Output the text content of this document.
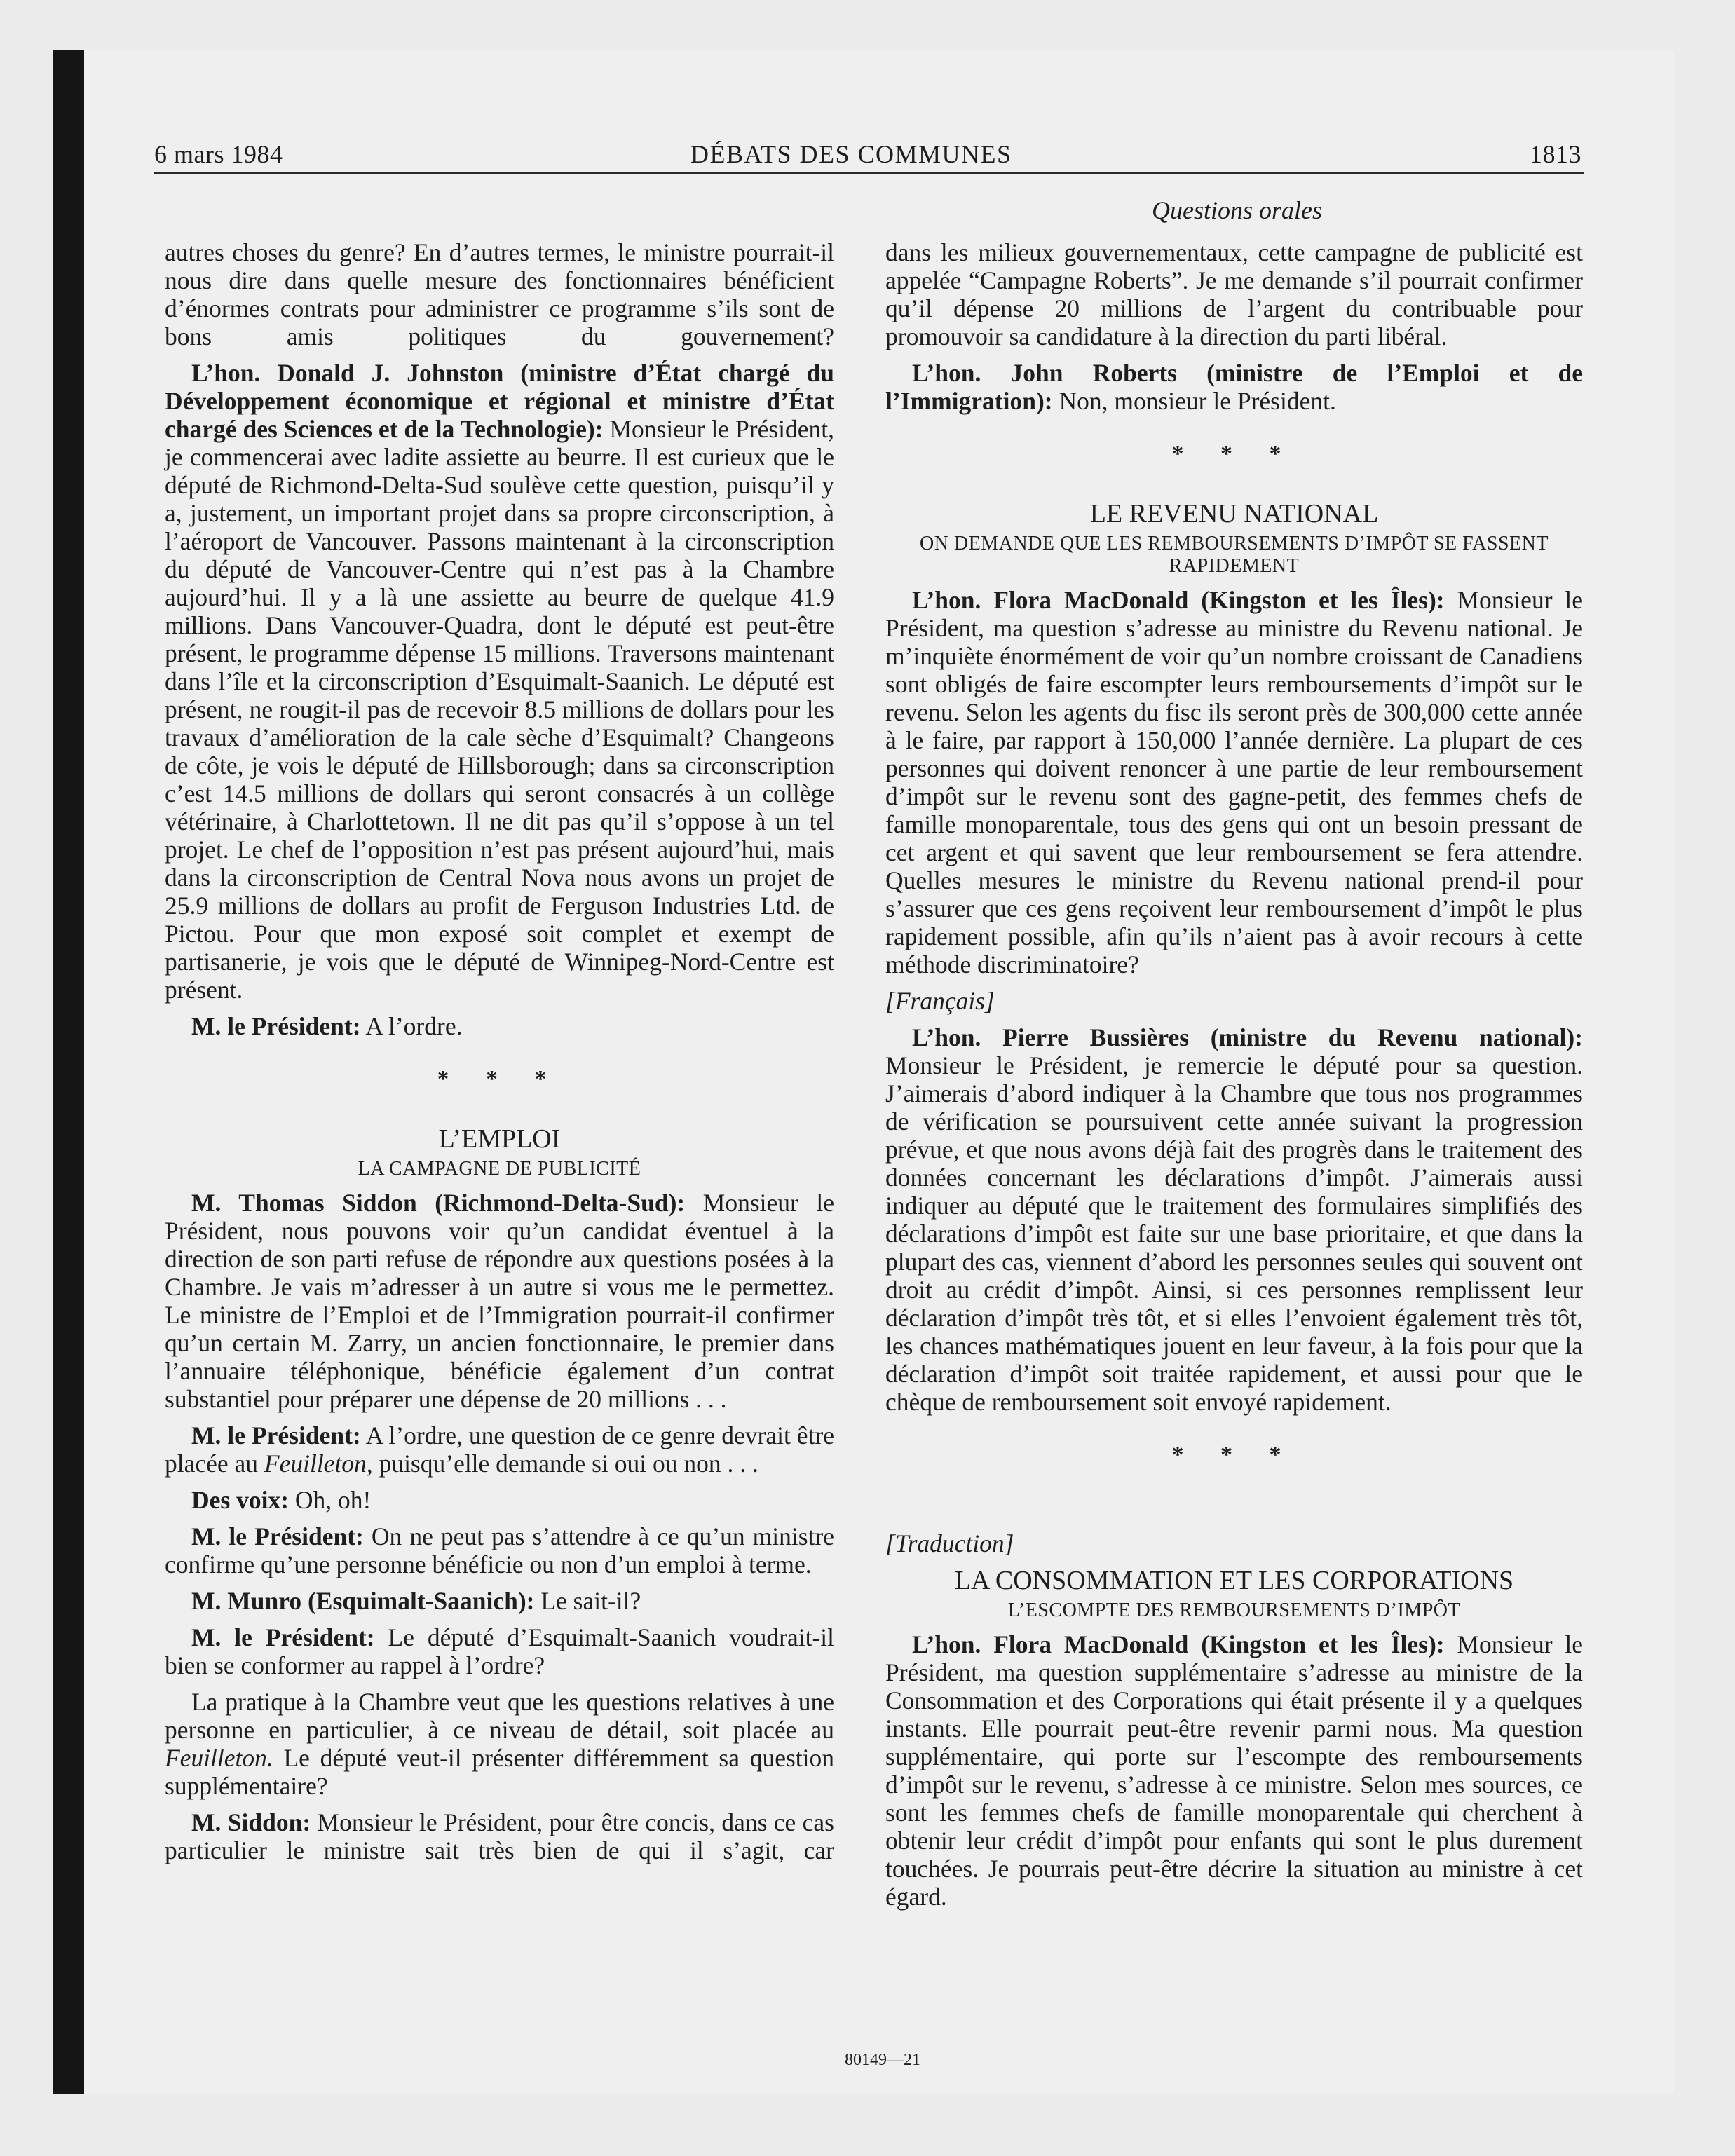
6 mars 1984	DÉBATS DES COMMUNES	1813
Questions orales

autres choses du genre? En d’autres termes, le ministre pourrait-il nous dire dans quelle mesure des fonctionnaires bénéficient d’énormes contrats pour administrer ce programme s’ils sont de bons amis politiques du gouvernement?

L’hon. Donald J. Johnston (ministre d’État chargé du Développement économique et régional et ministre d’État chargé des Sciences et de la Technologie): Monsieur le Président, je commencerai avec ladite assiette au beurre. Il est curieux que le député de Richmond-Delta-Sud soulève cette question, puisqu’il y a, justement, un important projet dans sa propre circonscription, à l’aéroport de Vancouver. Passons maintenant à la circonscription du député de Vancouver-Centre qui n’est pas à la Chambre aujourd’hui. Il y a là une assiette au beurre de quelque 41.9 millions. Dans Vancouver-Quadra, dont le député est peut-être présent, le programme dépense 15 millions. Traversons maintenant dans l’île et la circonscription d’Esquimalt-Saanich. Le député est présent, ne rougit-il pas de recevoir 8.5 millions de dollars pour les travaux d’amélioration de la cale sèche d’Esquimalt? Changeons de côte, je vois le député de Hillsborough; dans sa circonscription c’est 14.5 millions de dollars qui seront consacrés à un collège vétérinaire, à Charlottetown. Il ne dit pas qu’il s’oppose à un tel projet. Le chef de l’opposition n’est pas présent aujourd’hui, mais dans la circonscription de Central Nova nous avons un projet de 25.9 millions de dollars au profit de Ferguson Industries Ltd. de Pictou. Pour que mon exposé soit complet et exempt de partisanerie, je vois que le député de Winnipeg-Nord-Centre est présent.

M. le Président: A l’ordre.

* * *
L’EMPLOI
LA CAMPAGNE DE PUBLICITÉ

M. Thomas Siddon (Richmond-Delta-Sud): Monsieur le Président, nous pouvons voir qu’un candidat éventuel à la direction de son parti refuse de répondre aux questions posées à la Chambre. Je vais m’adresser à un autre si vous me le permettez. Le ministre de l’Emploi et de l’Immigration pourrait-il confirmer qu’un certain M. Zarry, un ancien fonctionnaire, le premier dans l’annuaire téléphonique, bénéficie également d’un contrat substantiel pour préparer une dépense de 20 millions . . .

M. le Président: A l’ordre, une question de ce genre devrait être placée au Feuilleton, puisqu’elle demande si oui ou non . . .

Des voix: Oh, oh!

M. le Président: On ne peut pas s’attendre à ce qu’un ministre confirme qu’une personne bénéficie ou non d’un emploi à terme.

M. Munro (Esquimalt-Saanich): Le sait-il?

M. le Président: Le député d’Esquimalt-Saanich voudrait-il bien se conformer au rappel à l’ordre?

La pratique à la Chambre veut que les questions relatives à une personne en particulier, à ce niveau de détail, soit placée au Feuilleton. Le député veut-il présenter différemment sa question supplémentaire?

M. Siddon: Monsieur le Président, pour être concis, dans ce cas particulier le ministre sait très bien de qui il s’agit, car

dans les milieux gouvernementaux, cette campagne de publicité est appelée “Campagne Roberts”. Je me demande s’il pourrait confirmer qu’il dépense 20 millions de l’argent du contribuable pour promouvoir sa candidature à la direction du parti libéral.

L’hon. John Roberts (ministre de l’Emploi et de l’Immigration): Non, monsieur le Président.

* * *
LE REVENU NATIONAL
ON DEMANDE QUE LES REMBOURSEMENTS D’IMPÔT SE FASSENT RAPIDEMENT

L’hon. Flora MacDonald (Kingston et les Îles): Monsieur le Président, ma question s’adresse au ministre du Revenu national. Je m’inquiète énormément de voir qu’un nombre croissant de Canadiens sont obligés de faire escompter leurs remboursements d’impôt sur le revenu. Selon les agents du fisc ils seront près de 300,000 cette année à le faire, par rapport à 150,000 l’année dernière. La plupart de ces personnes qui doivent renoncer à une partie de leur remboursement d’impôt sur le revenu sont des gagne-petit, des femmes chefs de famille monoparentale, tous des gens qui ont un besoin pressant de cet argent et qui savent que leur remboursement se fera attendre. Quelles mesures le ministre du Revenu national prend-il pour s’assurer que ces gens reçoivent leur remboursement d’impôt le plus rapidement possible, afin qu’ils n’aient pas à avoir recours à cette méthode discriminatoire?

[Français]

L’hon. Pierre Bussières (ministre du Revenu national): Monsieur le Président, je remercie le député pour sa question. J’aimerais d’abord indiquer à la Chambre que tous nos programmes de vérification se poursuivent cette année suivant la progression prévue, et que nous avons déjà fait des progrès dans le traitement des données concernant les déclarations d’impôt. J’aimerais aussi indiquer au député que le traitement des formulaires simplifiés des déclarations d’impôt est faite sur une base prioritaire, et que dans la plupart des cas, viennent d’abord les personnes seules qui souvent ont droit au crédit d’impôt. Ainsi, si ces personnes remplissent leur déclaration d’impôt très tôt, et si elles l’envoient également très tôt, les chances mathématiques jouent en leur faveur, à la fois pour que la déclaration d’impôt soit traitée rapidement, et aussi pour que le chèque de remboursement soit envoyé rapidement.

* * *

[Traduction]

LA CONSOMMATION ET LES CORPORATIONS
L’ESCOMPTE DES REMBOURSEMENTS D’IMPÔT

L’hon. Flora MacDonald (Kingston et les Îles): Monsieur le Président, ma question supplémentaire s’adresse au ministre de la Consommation et des Corporations qui était présente il y a quelques instants. Elle pourrait peut-être revenir parmi nous. Ma question supplémentaire, qui porte sur l’escompte des remboursements d’impôt sur le revenu, s’adresse à ce ministre. Selon mes sources, ce sont les femmes chefs de famille monoparentale qui cherchent à obtenir leur crédit d’impôt pour enfants qui sont le plus durement touchées. Je pourrais peut-être décrire la situation au ministre à cet égard.

80149—21
